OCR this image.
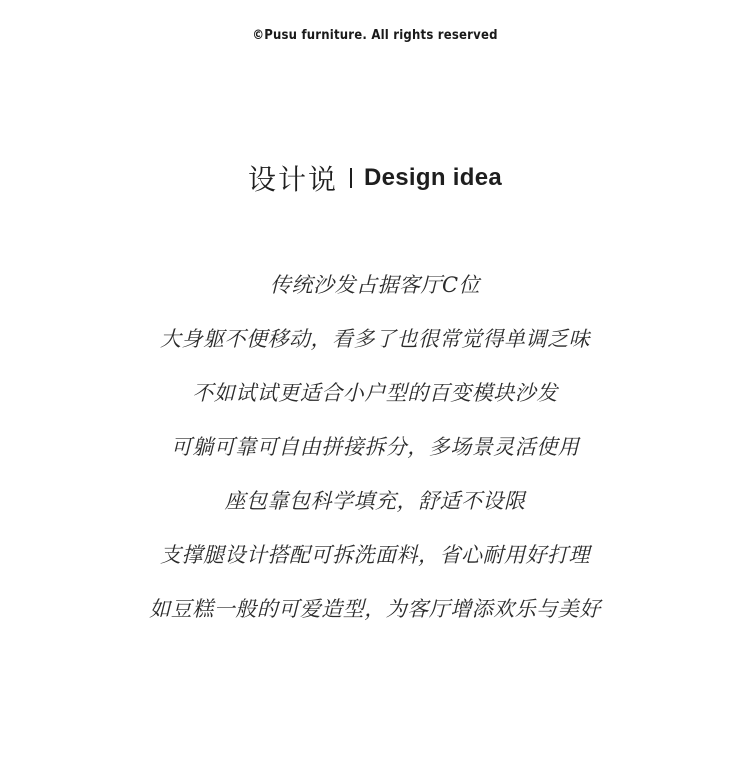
©Pusu furniture. All rights reserved
设计说 Design idea
传统沙发占据客厅C位
大身躯不便移动，看多了也很常觉得单调乏味
不如试试更适合小户型的百变模块沙发
可躺可靠可自由拼接拆分，多场景灵活使用
座包靠包科学填充，舒适不设限
支撑腿设计搭配可拆洗面料，省心耐用好打理
如豆糕一般的可爱造型，为客厅增添欢乐与美好
